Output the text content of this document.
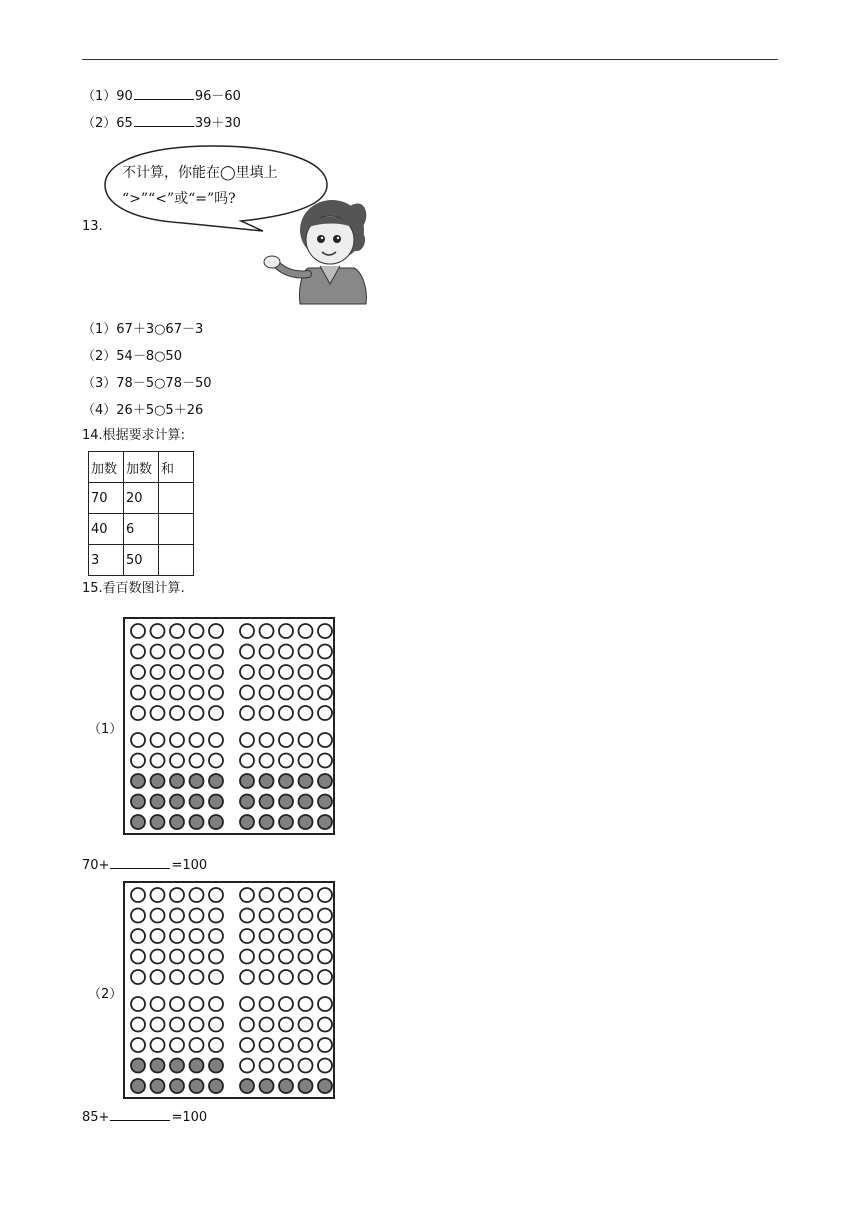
（1）90	96－60
（2）65	39＋30
13.
不计算，你能在◯里填上
“>”“<”或“=”吗?
（1）67＋3○67－3
（2）54－8○50
（3）78－5○78－50
（4）26＋5○5＋26
14.根据要求计算:
加数	加数	和
70	20	
40	6	
3	50	
15.看百数图计算.
（1）
70+	=100
（2）
85+	=100
